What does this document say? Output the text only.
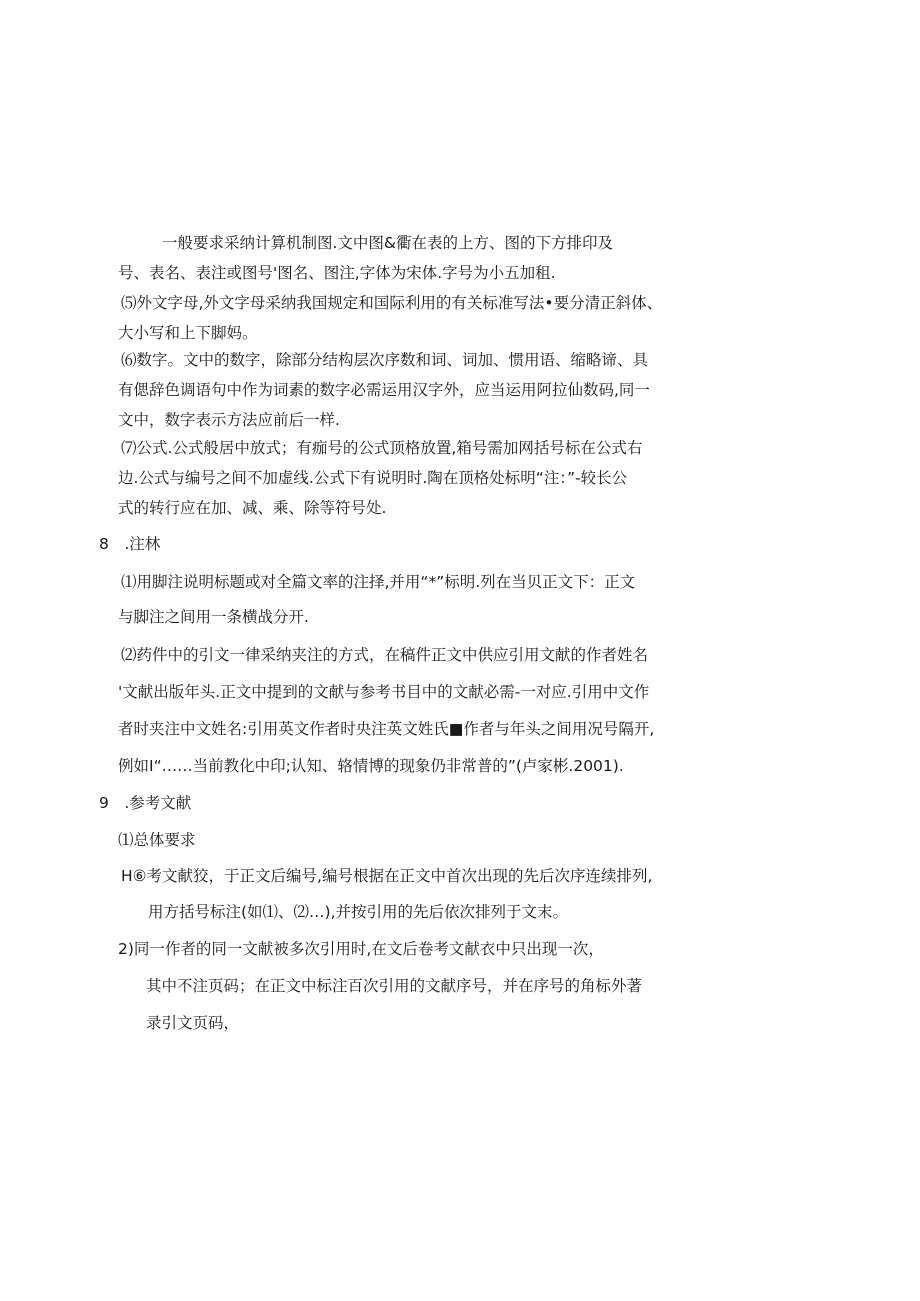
一般要求采纳计算机制图.文中图&衢在表的上方、图的下方排印及
号、表名、表注或图号'图名、图注,字体为宋体.字号为小五加租.
⑸外文字母,外文字母采纳我国规定和国际利用的有关标准写法•要分清正斜体、
大小写和上下脚妈。
⑹数字。文中的数字，除部分结构层次序数和词、词加、惯用语、缩略谛、具
有偲辞色调语句中作为词素的数字必需运用汉字外，应当运用阿拉仙数码,同一
文中，数字表示方法应前后一样.
⑺公式.公式般居中放式；有痂号的公式顶格放置,箱号需加网括号标在公式右
边.公式与编号之间不加虚线.公式下有说明时.陶在顶格处标明“注：”-较长公
式的转行应在加、减、乘、除等符号处.
8　.注林
⑴用脚注说明标题或对全篇文率的注择,并用“*”标明.列在当贝正文下：正文
与脚注之间用一条横战分开.
⑵药件中的引文一律采纳夹注的方式，在稿件正文中供应引用文献的作者姓名
'文献出版年头.正文中提到的文献与参考书目中的文献必需-一对应.引用中文作
者时夹注中文姓名:引用英文作者时央注英文姓氏■作者与年头之间用况号隔开,
例如I“……当前教化中印;认知、辂情博的现象仍非常普的”(卢家彬.2001).
9　.参考文献
⑴总体要求
H⑥考文献狡，于正文后编号,编号根据在正文中首次出现的先后次序连续排列,
用方括号标注(如⑴、⑵…),并按引用的先后依次排列于文末。
2)同一作者的同一文献被多次引用时,在文后卷考文献衣中只出现一次，
其中不注页码；在正文中标注百次引用的文献序号，并在序号的角标外著
录引文页码，
